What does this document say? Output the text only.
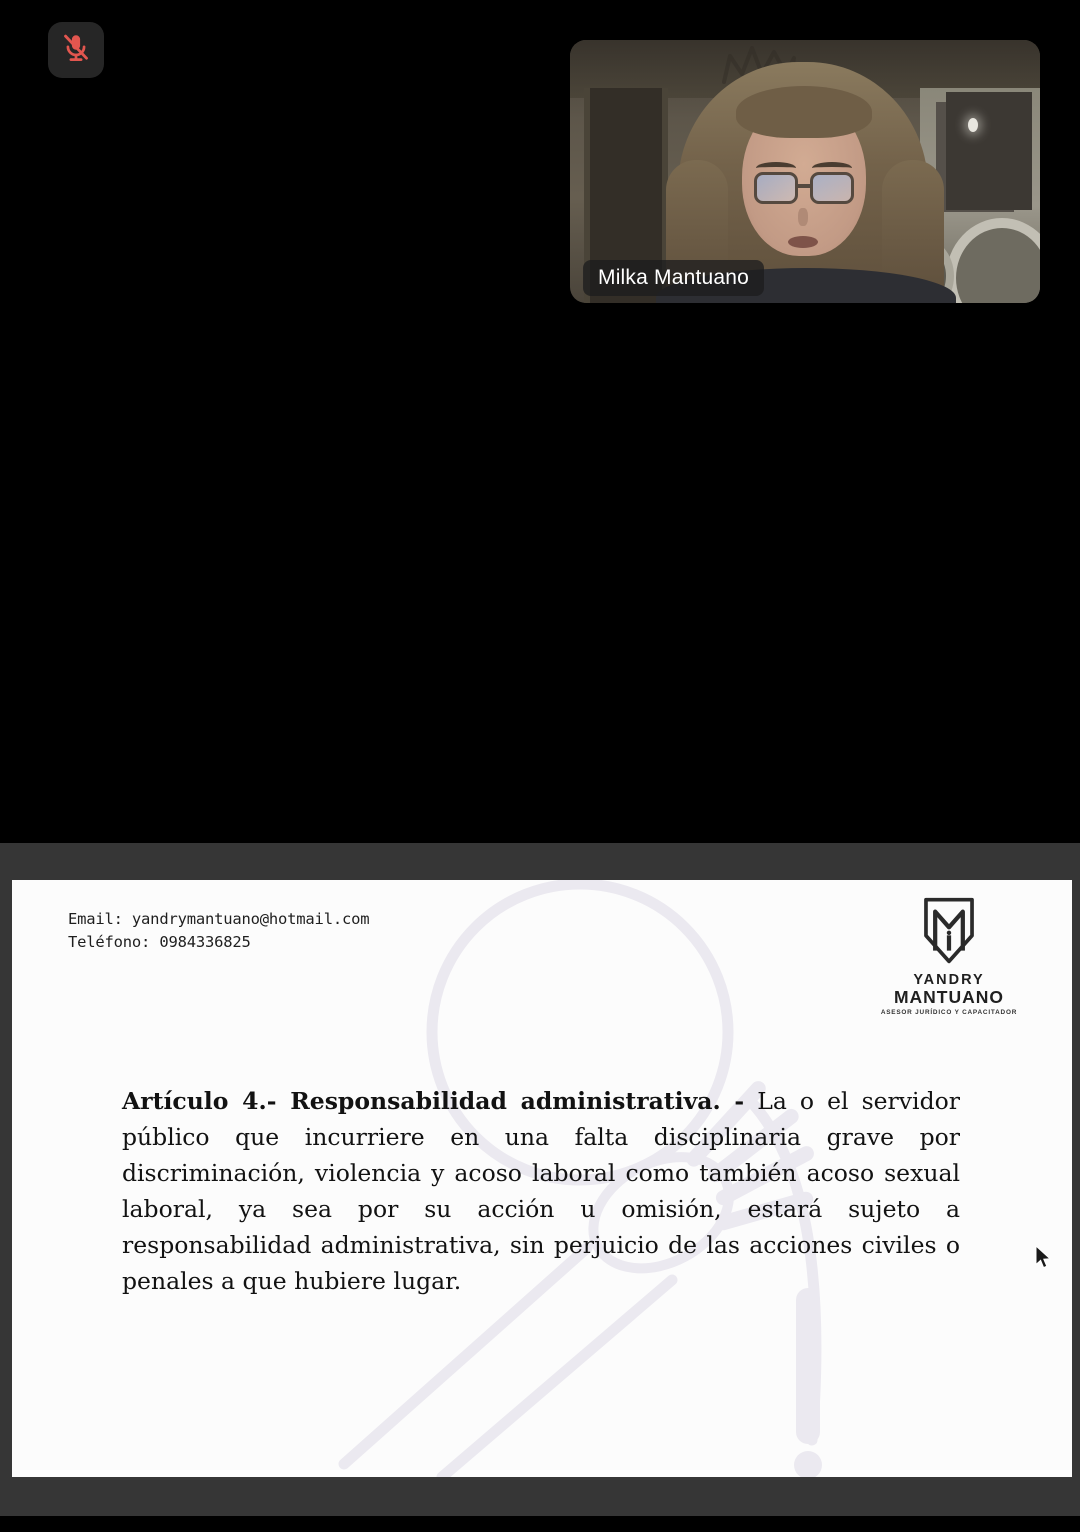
Milka Mantuano
Email: yandrymantuano@hotmail.com
Teléfono: 0984336825
YANDRY
MANTUANO
ASESOR JURÍDICO Y CAPACITADOR

Artículo 4.- Responsabilidad administrativa. - La o el servidor público que incurriere en una falta disciplinaria grave por discriminación, violencia y acoso laboral como también acoso sexual laboral, ya sea por su acción u omisión, estará sujeto a responsabilidad administrativa, sin perjuicio de las acciones civiles o penales a que hubiere lugar.
